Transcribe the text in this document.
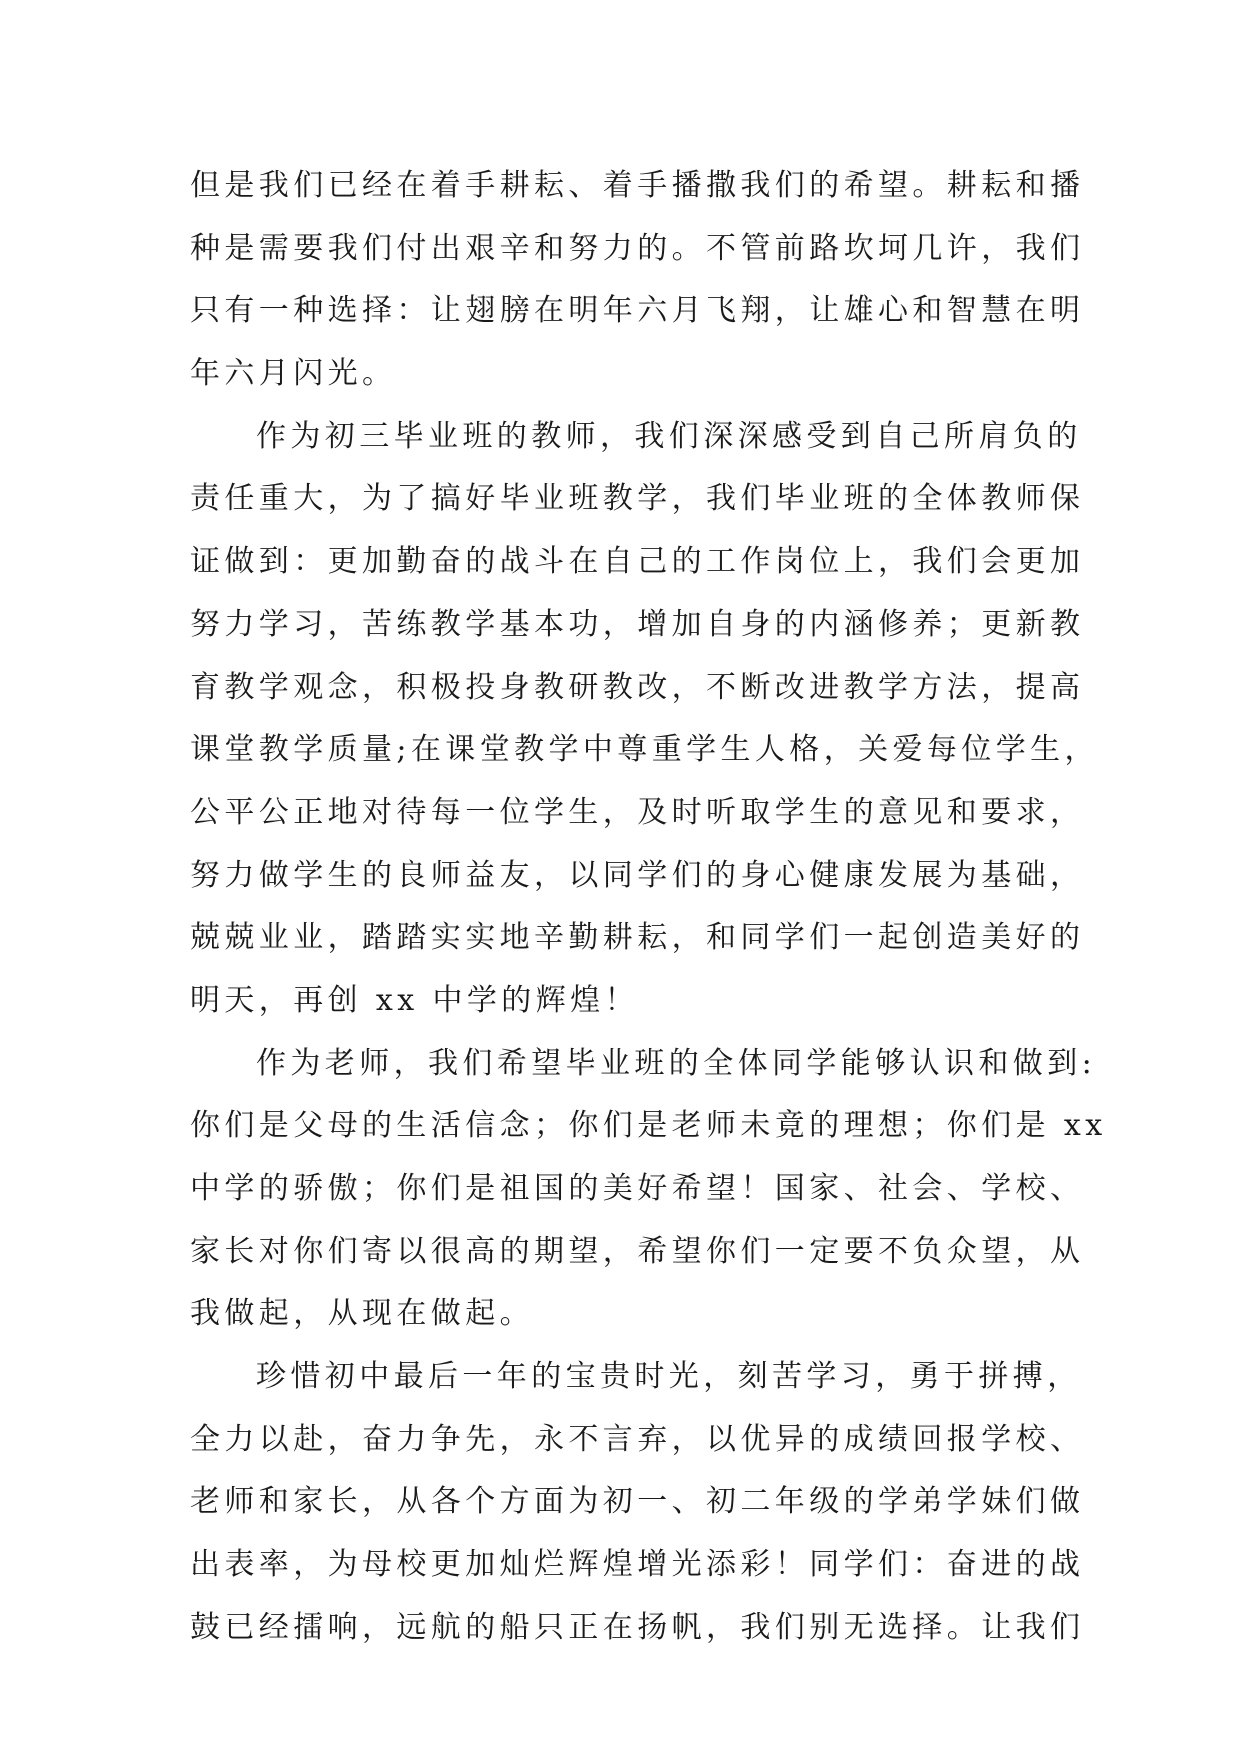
但是我们已经在着手耕耘、着手播撒我们的希望。耕耘和播
种是需要我们付出艰辛和努力的。不管前路坎坷几许，我们
只有一种选择：让翅膀在明年六月飞翔，让雄心和智慧在明
年六月闪光。
作为初三毕业班的教师，我们深深感受到自己所肩负的
责任重大，为了搞好毕业班教学，我们毕业班的全体教师保
证做到：更加勤奋的战斗在自己的工作岗位上，我们会更加
努力学习，苦练教学基本功，增加自身的内涵修养；更新教
育教学观念，积极投身教研教改，不断改进教学方法，提高
课堂教学质量;在课堂教学中尊重学生人格，关爱每位学生，
公平公正地对待每一位学生，及时听取学生的意见和要求，
努力做学生的良师益友，以同学们的身心健康发展为基础，
兢兢业业，踏踏实实地辛勤耕耘，和同学们一起创造美好的
明天，再创 xx 中学的辉煌！
作为老师，我们希望毕业班的全体同学能够认识和做到:
你们是父母的生活信念；你们是老师未竟的理想；你们是 xx
中学的骄傲；你们是祖国的美好希望！国家、社会、学校、
家长对你们寄以很高的期望，希望你们一定要不负众望，从
我做起，从现在做起。
珍惜初中最后一年的宝贵时光，刻苦学习，勇于拼搏，
全力以赴，奋力争先，永不言弃，以优异的成绩回报学校、
老师和家长，从各个方面为初一、初二年级的学弟学妹们做
出表率，为母校更加灿烂辉煌增光添彩！同学们：奋进的战
鼓已经擂响，远航的船只正在扬帆，我们别无选择。让我们
